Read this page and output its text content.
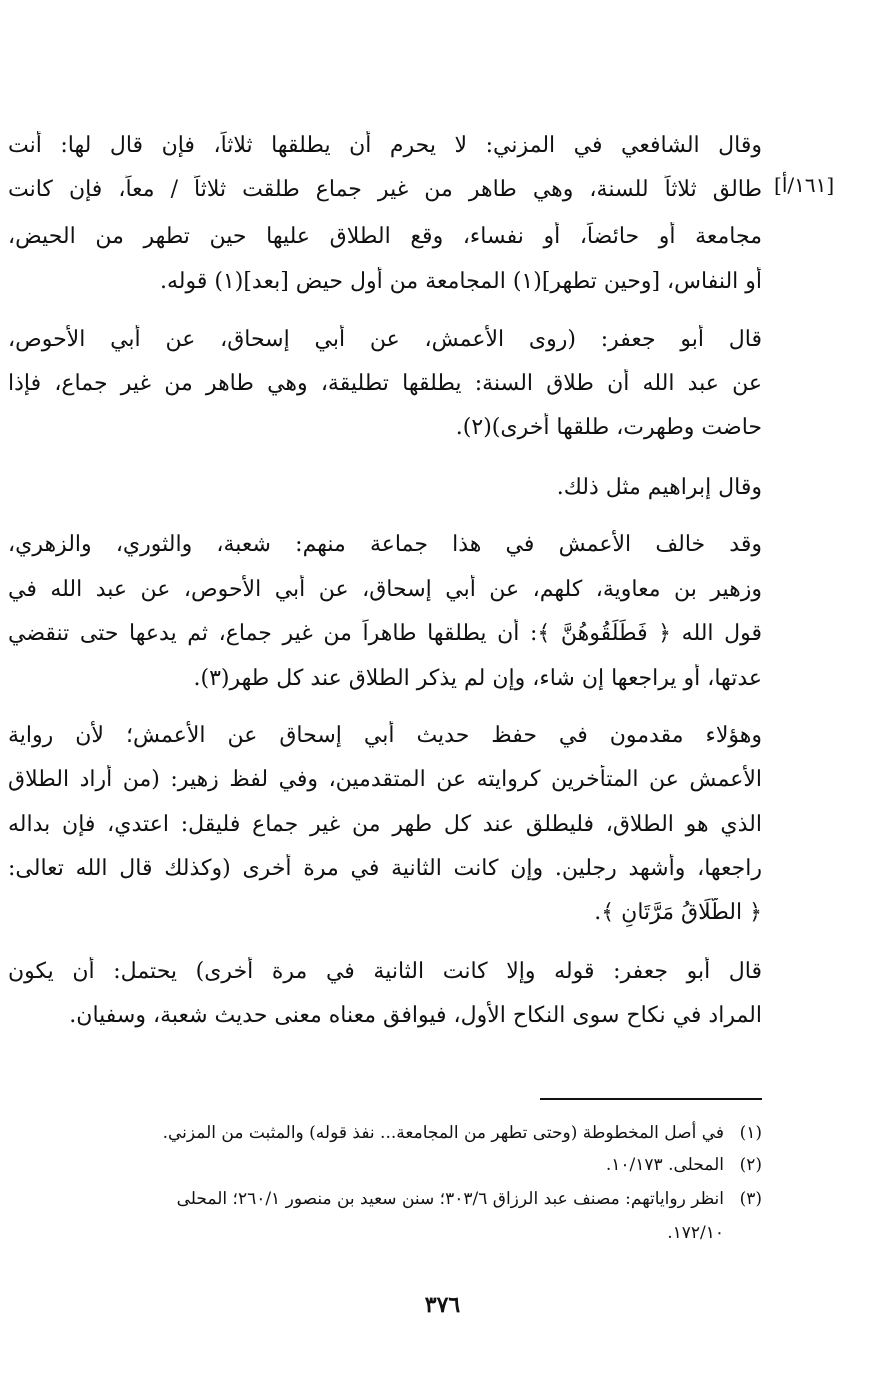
وقال الشافعي في المزني: لا يحرم أن يطلقها ثلاثاً، فإن قال لها: أنت
طالق ثلاثاً للسنة، وهي طاهر من غير جماع طلقت ثلاثاً / معاً، فإن كانت
مجامعة أو حائضاً، أو نفساء، وقع الطلاق عليها حين تطهر من الحيض،
أو النفاس، [وحين تطهر](١) المجامعة من أول حيض [بعد](١) قوله.
قال أبو جعفر: (روى الأعمش، عن أبي إسحاق، عن أبي الأحوص،
عن عبد الله أن طلاق السنة: يطلقها تطليقة، وهي طاهر من غير جماع، فإذا
حاضت وطهرت، طلقها أخرى)(٢).
وقال إبراهيم مثل ذلك.
وقد خالف الأعمش في هذا جماعة منهم: شعبة، والثوري، والزهري،
وزهير بن معاوية، كلهم، عن أبي إسحاق، عن أبي الأحوص، عن عبد الله في
قول الله ﴿ فَطَلِّقُوهُنَّ ﴾: أن يطلقها طاهراً من غير جماع، ثم يدعها حتى تنقضي
عدتها، أو يراجعها إن شاء، وإن لم يذكر الطلاق عند كل طهر(٣).
وهؤلاء مقدمون في حفظ حديث أبي إسحاق عن الأعمش؛ لأن رواية
الأعمش عن المتأخرين كروايته عن المتقدمين، وفي لفظ زهير: (من أراد الطلاق
الذي هو الطلاق، فليطلق عند كل طهر من غير جماع فليقل: اعتدي، فإن بداله
راجعها، وأشهد رجلين. وإن كانت الثانية في مرة أخرى (وكذلك قال الله تعالى:
﴿ الطَّلَاقُ مَرَّتَانِ ﴾.
قال أبو جعفر: قوله وإلا كانت الثانية في مرة أخرى) يحتمل: أن يكون
المراد في نكاح سوى النكاح الأول، فيوافق معناه معنى حديث شعبة، وسفيان.
[١٦١/أ]
(١)في أصل المخطوطة (وحتى تطهر من المجامعة... نفذ قوله) والمثبت من المزني.
(٢)المحلى. ١٠/١٧٣.
(٣)انظر رواياتهم: مصنف عبد الرزاق ٣٠٣/٦؛ سنن سعيد بن منصور ٢٦٠/١؛ المحلى
١٧٢/١٠.
٣٧٦
